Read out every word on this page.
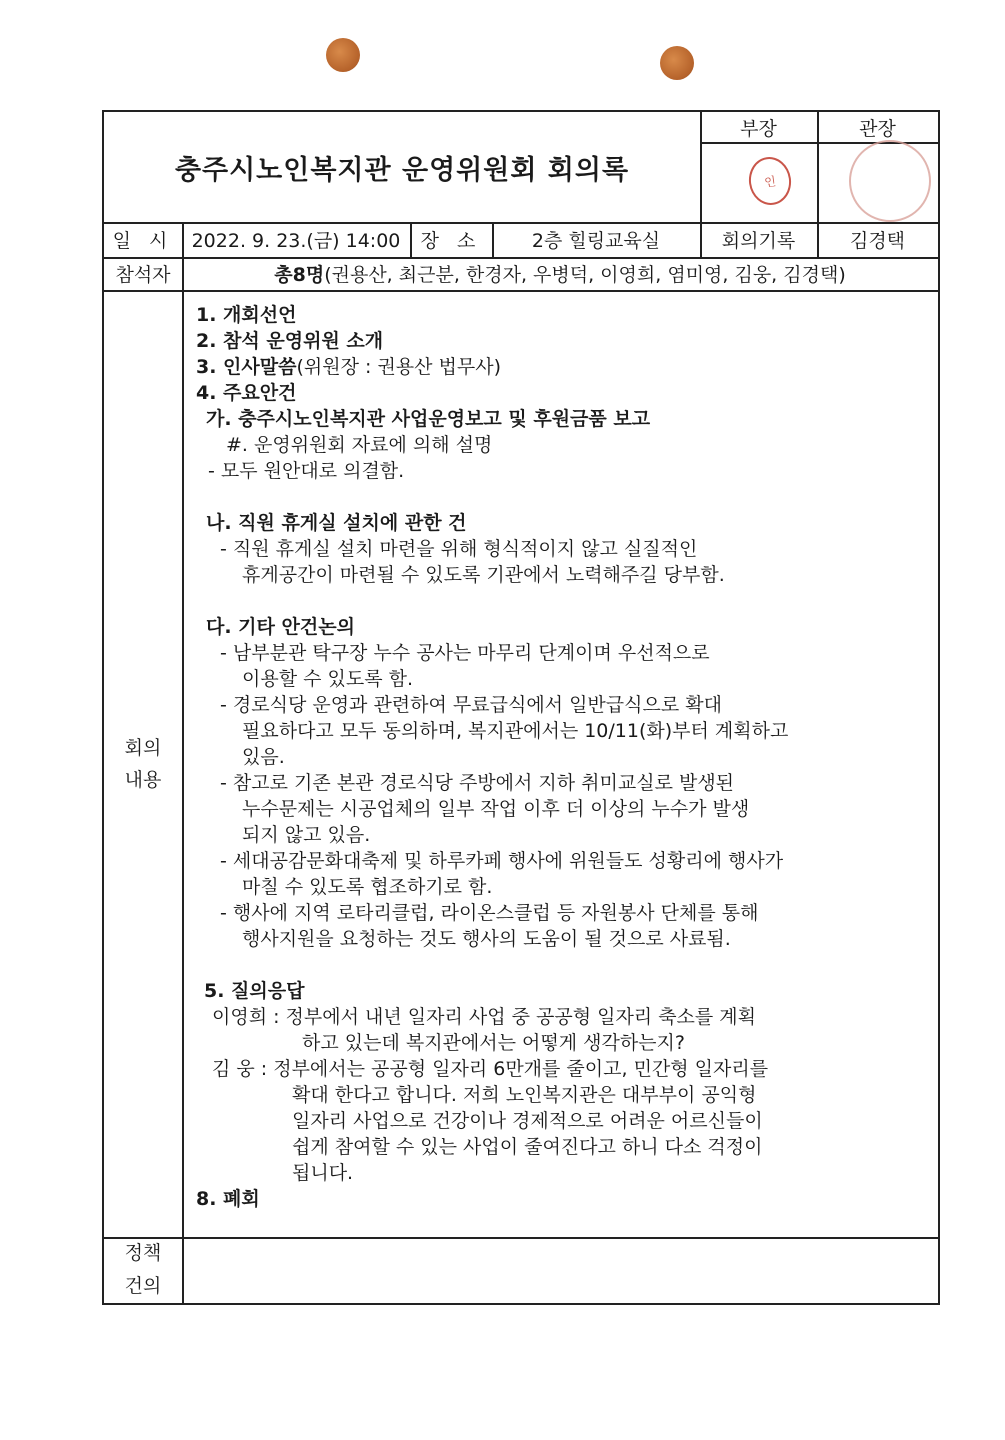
충주시노인복지관 운영위원회 회의록
부장	관장
인
일 시 2022. 9. 23.(금) 14:00	장 소	2층 힐링교육실	회의기록	김경택
참석자	총8명 (권용산, 최근분, 한경자, 우병덕, 이영희, 염미영, 김웅, 김경택)
회의
내용
1. 개회선언
2. 참석 운영위원 소개
3. 인사말씀(위원장 : 권용산 법무사)
4. 주요안건
가. 충주시노인복지관 사업운영보고 및 후원금품 보고
#. 운영위원회 자료에 의해 설명
- 모두 원안대로 의결함.
나. 직원 휴게실 설치에 관한 건
- 직원 휴게실 설치 마련을 위해 형식적이지 않고 실질적인
휴게공간이 마련될 수 있도록 기관에서 노력해주길 당부함.
다. 기타 안건논의
- 남부분관 탁구장 누수 공사는 마무리 단계이며 우선적으로
이용할 수 있도록 함.
- 경로식당 운영과 관련하여 무료급식에서 일반급식으로 확대
필요하다고 모두 동의하며, 복지관에서는 10/11(화)부터 계획하고
있음.
- 참고로 기존 본관 경로식당 주방에서 지하 취미교실로 발생된
누수문제는 시공업체의 일부 작업 이후 더 이상의 누수가 발생
되지 않고 있음.
- 세대공감문화대축제 및 하루카페 행사에 위원들도 성황리에 행사가
마칠 수 있도록 협조하기로 함.
- 행사에 지역 로타리클럽, 라이온스클럽 등 자원봉사 단체를 통해
행사지원을 요청하는 것도 행사의 도움이 될 것으로 사료됨.
5. 질의응답
이영희 : 정부에서 내년 일자리 사업 중 공공형 일자리 축소를 계획
하고 있는데 복지관에서는 어떻게 생각하는지?
김 웅 : 정부에서는 공공형 일자리 6만개를 줄이고, 민간형 일자리를
확대 한다고 합니다. 저희 노인복지관은 대부부이 공익형
일자리 사업으로 건강이나 경제적으로 어려운 어르신들이
쉽게 참여할 수 있는 사업이 줄여진다고 하니 다소 걱정이
됩니다.
8. 폐회
정책
건의
